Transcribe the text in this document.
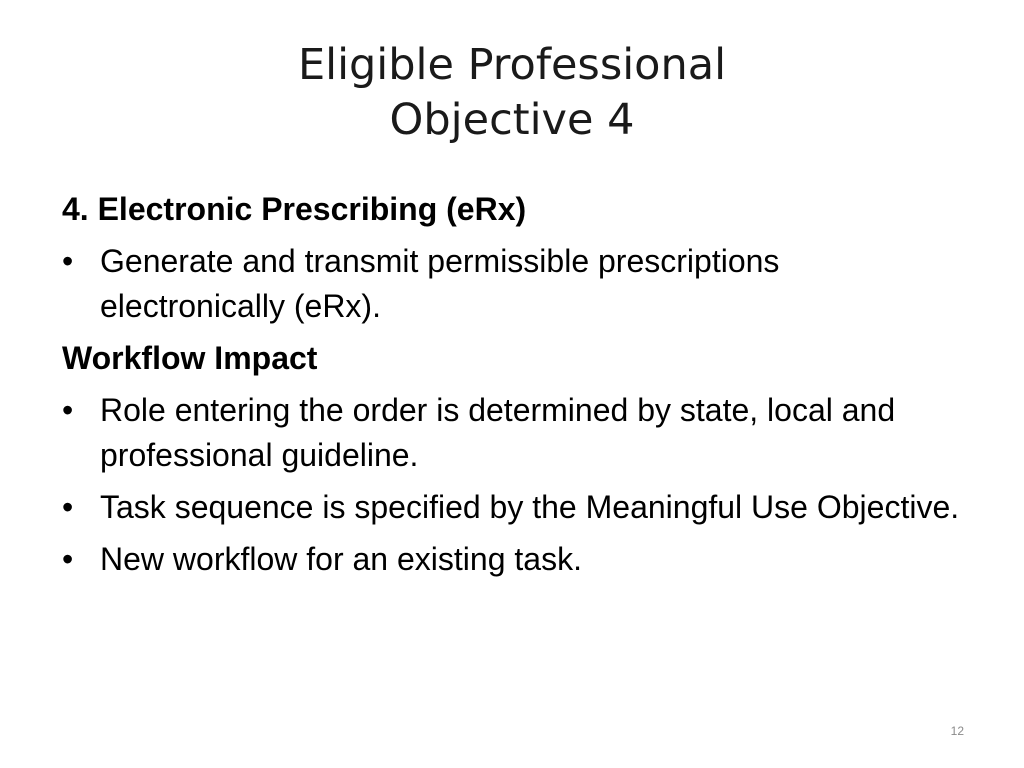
Eligible Professional
Objective 4
4. Electronic Prescribing (eRx)
•
Generate and transmit permissible prescriptions electronically (eRx).
Workflow Impact
•
Role entering the order is determined by state, local and professional guideline.
•
Task sequence is specified by the Meaningful Use Objective.
•
New workflow for an existing task.
12
